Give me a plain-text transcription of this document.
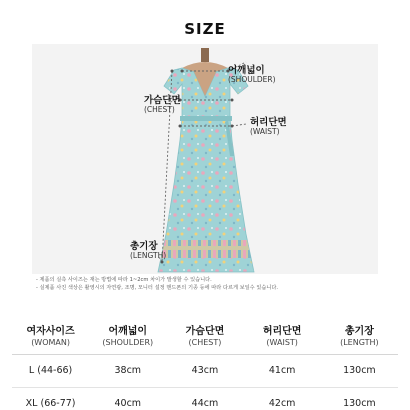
SIZE
어깨넓이
(SHOULDER)
가슴단면
(CHEST)
허리단면
(WAIST)
총기장
(LENGTH)
- 제품의 실측 사이즈는 재는 방법에 따라 1~2cm 차이가 발생할 수 있습니다.
- 실제품 사진 색상은 촬영시의 자연광, 조명, 모니터 설정 핸드폰의 기종 등에 따라 다르게 보일수 있습니다.
여자사이즈
(WOMAN)	어깨넓이
(SHOULDER)	가슴단면
(CHEST)	허리단면
(WAIST)	총기장
(LENGTH)

L (44-66)	38cm	43cm	41cm	130cm
XL (66-77)	40cm	44cm	42cm	130cm
